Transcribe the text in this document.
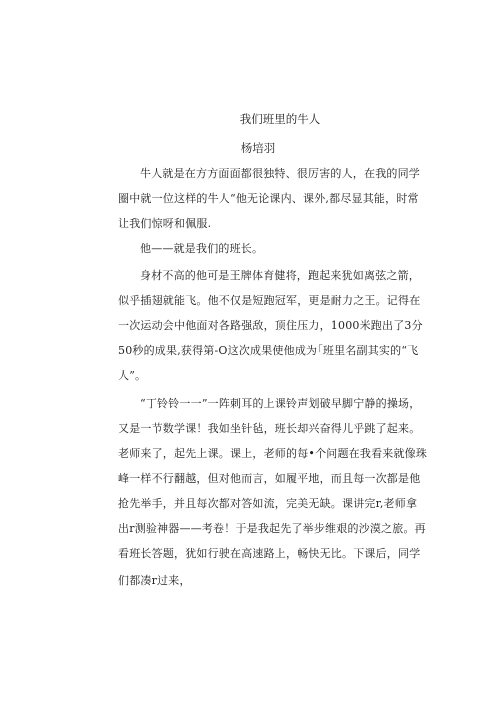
我们班里的牛人
杨培羽
牛人就是在方方面面都很独特、很厉害的人，在我的同学
圈中就一位这样的牛人“他无论课内、课外,都尽显其能，时常
让我们惊呀和佩服.
他——就是我们的班长。
身材不高的他可是王牌体育健将，跑起来犹如离弦之箭，
似乎插翅就能飞。他不仅是短跑冠军，更是耐力之王。记得在
一次运动会中他面对各路强敌，顶住压力，1000米跑出了3分
50秒的成果,获得第-O这次成果使他成为｢班里名副其实的“飞
人”。
“丁铃铃一一”一阵刺耳的上课铃声划破早脚宁静的操场，
又是一节数学课！我如坐针毡，班长却兴奋得儿乎跳了起来。
老师来了，起先上课。课上，老师的每•个问题在我看来就像珠
峰一样不行翻越，但对他而言，如履平地，而且每一次都是他
抢先举手，并且每次都对答如流，完美无缺。课讲完r,老师拿
出r测验神器——考卷！于是我起先了举步维艰的沙漠之旅。再
看班长答题，犹如行驶在高速路上，畅快无比。下课后，同学
们都凑r过来，
